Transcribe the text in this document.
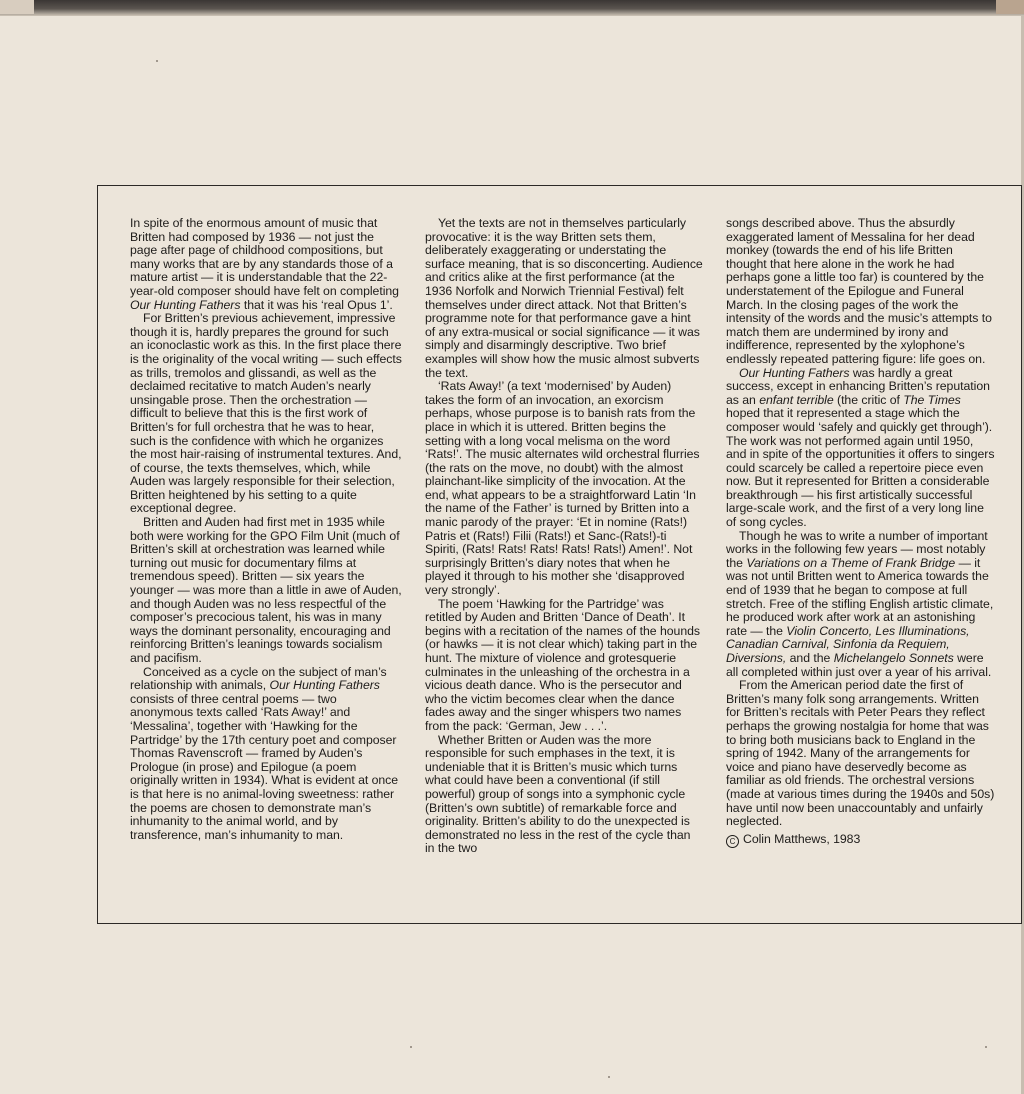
In spite of the enormous amount of music that Britten had composed by 1936 — not just the page after page of childhood compositions, but many works that are by any standards those of a mature artist — it is understandable that the 22-year-old composer should have felt on completing Our Hunting Fathers that it was his ‘real Opus 1’.

For Britten’s previous achievement, impressive though it is, hardly prepares the ground for such an iconoclastic work as this. In the first place there is the originality of the vocal writing — such effects as trills, tremolos and glissandi, as well as the declaimed recitative to match Auden’s nearly unsingable prose. Then the orchestration — difficult to believe that this is the first work of Britten’s for full orchestra that he was to hear, such is the confidence with which he organizes the most hair-raising of instrumental textures. And, of course, the texts themselves, which, while Auden was largely responsible for their selection, Britten heightened by his setting to a quite exceptional degree.

Britten and Auden had first met in 1935 while both were working for the GPO Film Unit (much of Britten’s skill at orchestration was learned while turning out music for documentary films at tremendous speed). Britten — six years the younger — was more than a little in awe of Auden, and though Auden was no less respectful of the composer’s precocious talent, his was in many ways the dominant personality, encouraging and reinforcing Britten’s leanings towards socialism and pacifism.

Conceived as a cycle on the subject of man’s relationship with animals, Our Hunting Fathers consists of three central poems — two anonymous texts called ‘Rats Away!’ and ‘Messalina’, together with ‘Hawking for the Partridge’ by the 17th century poet and composer Thomas Ravenscroft — framed by Auden’s Prologue (in prose) and Epilogue (a poem originally written in 1934). What is evident at once is that here is no animal-loving sweetness: rather the poems are chosen to demonstrate man’s inhumanity to the animal world, and by transference, man’s inhumanity to man.

Yet the texts are not in themselves particularly provocative: it is the way Britten sets them, deliberately exaggerating or understating the surface meaning, that is so disconcerting. Audience and critics alike at the first performance (at the 1936 Norfolk and Norwich Triennial Festival) felt themselves under direct attack. Not that Britten’s programme note for that performance gave a hint of any extra-musical or social significance — it was simply and disarmingly descriptive. Two brief examples will show how the music almost subverts the text.

‘Rats Away!’ (a text ‘modernised’ by Auden) takes the form of an invocation, an exorcism perhaps, whose purpose is to banish rats from the place in which it is uttered. Britten begins the setting with a long vocal melisma on the word ‘Rats!’. The music alternates wild orchestral flurries (the rats on the move, no doubt) with the almost plainchant-like simplicity of the invocation. At the end, what appears to be a straightforward Latin ‘In the name of the Father’ is turned by Britten into a manic parody of the prayer: ‘Et in nomine (Rats!) Patris et (Rats!) Filii (Rats!) et Sanc-(Rats!)-ti Spiriti, (Rats! Rats! Rats! Rats! Rats!) Amen!’. Not surprisingly Britten’s diary notes that when he played it through to his mother she ‘disapproved very strongly’.

The poem ‘Hawking for the Partridge’ was retitled by Auden and Britten ‘Dance of Death’. It begins with a recitation of the names of the hounds (or hawks — it is not clear which) taking part in the hunt. The mixture of violence and grotesquerie culminates in the unleashing of the orchestra in a vicious death dance. Who is the persecutor and who the victim becomes clear when the dance fades away and the singer whispers two names from the pack: ‘German, Jew . . .’.

Whether Britten or Auden was the more responsible for such emphases in the text, it is undeniable that it is Britten’s music which turns what could have been a conventional (if still powerful) group of songs into a symphonic cycle (Britten’s own subtitle) of remarkable force and originality. Britten’s ability to do the unexpected is demonstrated no less in the rest of the cycle than in the two

songs described above. Thus the absurdly exaggerated lament of Messalina for her dead monkey (towards the end of his life Britten thought that here alone in the work he had perhaps gone a little too far) is countered by the understatement of the Epilogue and Funeral March. In the closing pages of the work the intensity of the words and the music’s attempts to match them are undermined by irony and indifference, represented by the xylophone’s endlessly repeated pattering figure: life goes on.

Our Hunting Fathers was hardly a great success, except in enhancing Britten’s reputation as an enfant terrible (the critic of The Times hoped that it represented a stage which the composer would ‘safely and quickly get through’). The work was not performed again until 1950, and in spite of the opportunities it offers to singers could scarcely be called a repertoire piece even now. But it represented for Britten a considerable breakthrough — his first artistically successful large-scale work, and the first of a very long line of song cycles.

Though he was to write a number of important works in the following few years — most notably the Variations on a Theme of Frank Bridge — it was not until Britten went to America towards the end of 1939 that he began to compose at full stretch. Free of the stifling English artistic climate, he produced work after work at an astonishing rate — the Violin Concerto, Les Illuminations, Canadian Carnival, Sinfonia da Requiem, Diversions, and the Michelangelo Sonnets were all completed within just over a year of his arrival.

From the American period date the first of Britten’s many folk song arrangements. Written for Britten’s recitals with Peter Pears they reflect perhaps the growing nostalgia for home that was to bring both musicians back to England in the spring of 1942. Many of the arrangements for voice and piano have deservedly become as familiar as old friends. The orchestral versions (made at various times during the 1940s and 50s) have until now been unaccountably and unfairly neglected.

C Colin Matthews, 1983
